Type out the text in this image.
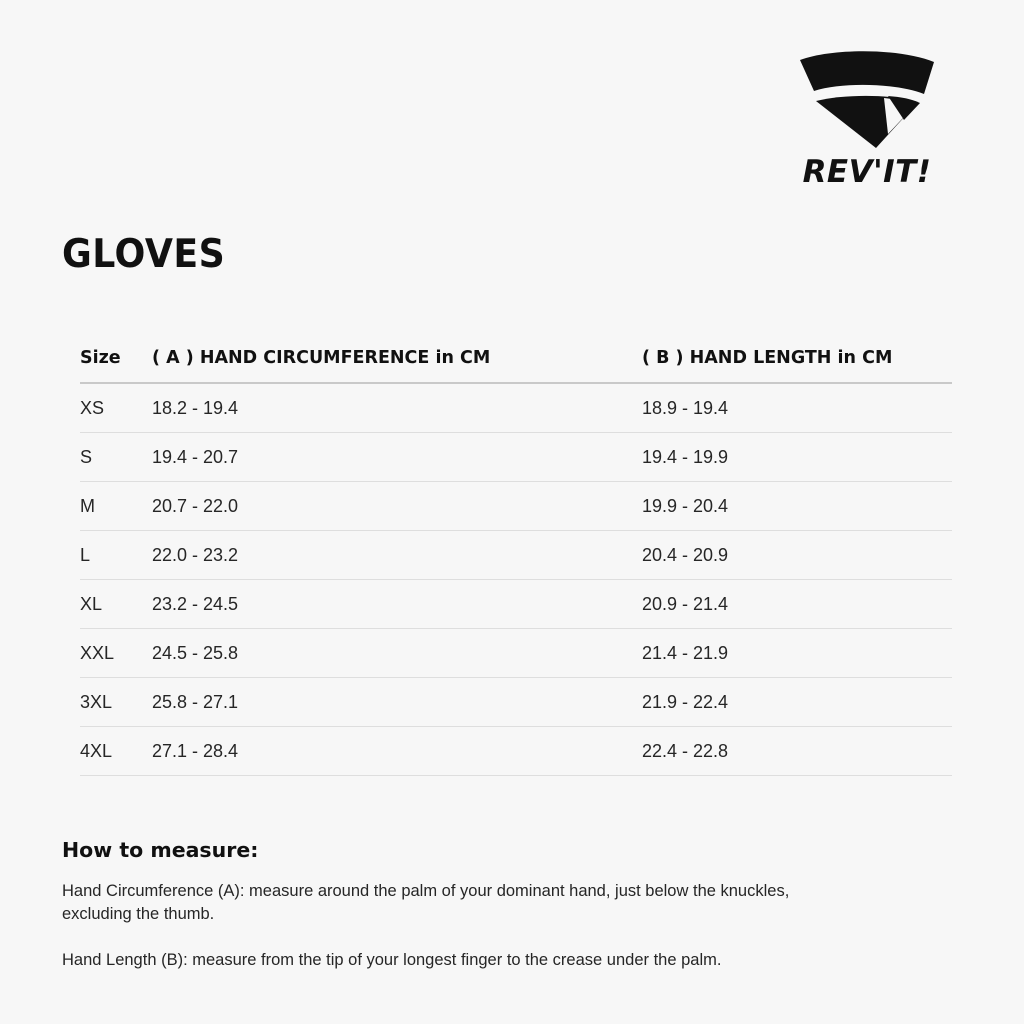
REV'IT!
GLOVES
Size	( A ) HAND CIRCUMFERENCE in CM	( B ) HAND LENGTH in CM
XS	18.2 - 19.4	18.9 - 19.4
S	19.4 - 20.7	19.4 - 19.9
M	20.7 - 22.0	19.9 - 20.4
L	22.0 - 23.2	20.4 - 20.9
XL	23.2 - 24.5	20.9 - 21.4
XXL	24.5 - 25.8	21.4 - 21.9
3XL	25.8 - 27.1	21.9 - 22.4
4XL	27.1 - 28.4	22.4 - 22.8
How to measure:

Hand Circumference (A): measure around the palm of your dominant hand, just below the knuckles, excluding the thumb.

Hand Length (B): measure from the tip of your longest finger to the crease under the palm.
